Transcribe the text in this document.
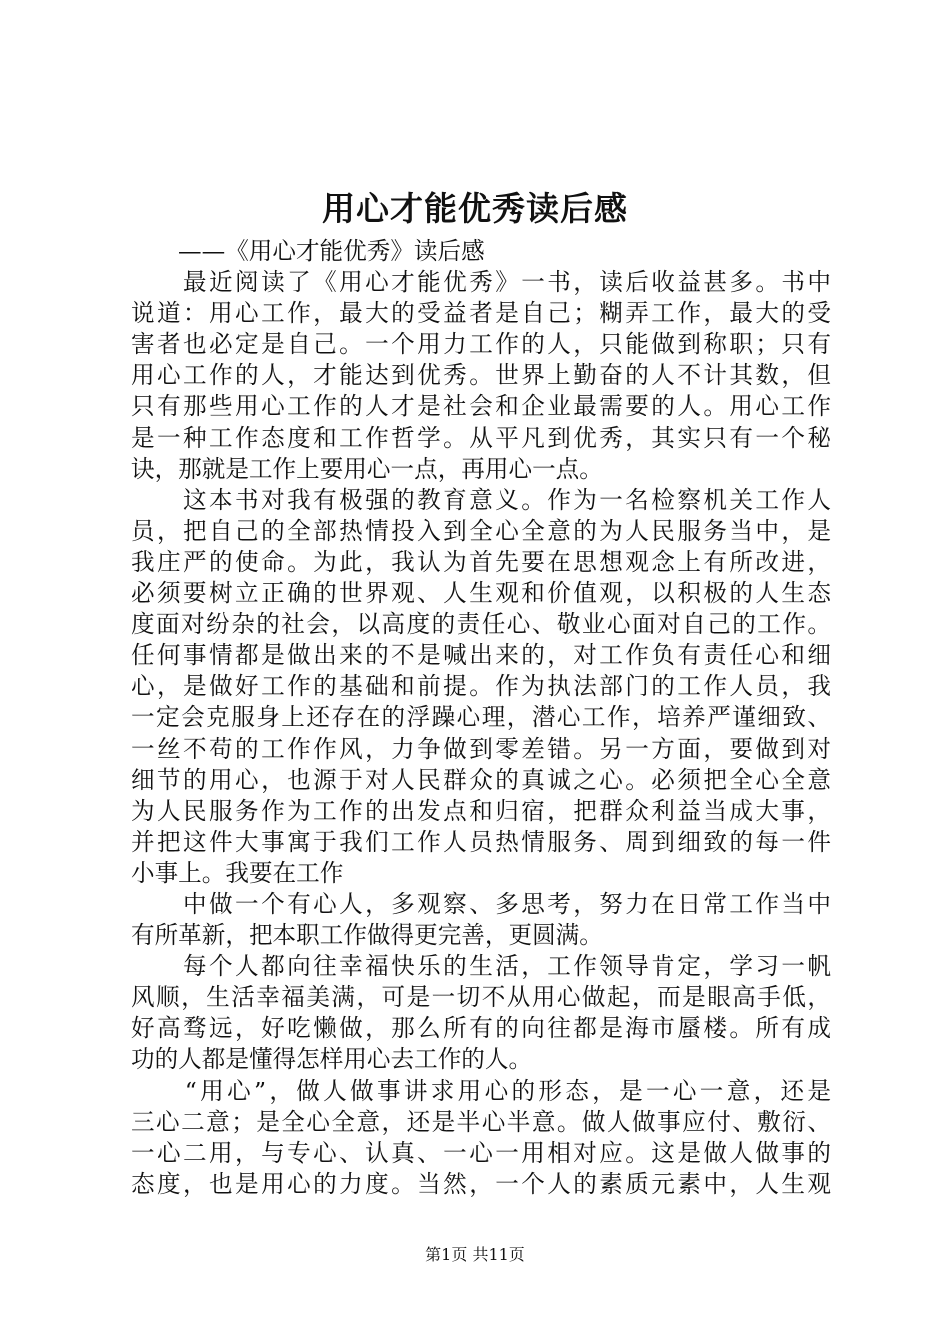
用心才能优秀读后感
——《用心才能优秀》读后感
　　最近阅读了《用心才能优秀》一书，读后收益甚多。书中
说道：用心工作，最大的受益者是自己；糊弄工作，最大的受
害者也必定是自己。一个用力工作的人，只能做到称职；只有
用心工作的人，才能达到优秀。世界上勤奋的人不计其数，但
只有那些用心工作的人才是社会和企业最需要的人。用心工作
是一种工作态度和工作哲学。从平凡到优秀，其实只有一个秘
诀，那就是工作上要用心一点，再用心一点。
　　这本书对我有极强的教育意义。作为一名检察机关工作人
员，把自己的全部热情投入到全心全意的为人民服务当中，是
我庄严的使命。为此，我认为首先要在思想观念上有所改进，
必须要树立正确的世界观、人生观和价值观，以积极的人生态
度面对纷杂的社会，以高度的责任心、敬业心面对自己的工作。
任何事情都是做出来的不是喊出来的，对工作负有责任心和细
心，是做好工作的基础和前提。作为执法部门的工作人员，我
一定会克服身上还存在的浮躁心理，潜心工作，培养严谨细致、
一丝不苟的工作作风，力争做到零差错。另一方面，要做到对
细节的用心，也源于对人民群众的真诚之心。必须把全心全意
为人民服务作为工作的出发点和归宿，把群众利益当成大事，
并把这件大事寓于我们工作人员热情服务、周到细致的每一件
小事上。我要在工作
　　中做一个有心人，多观察、多思考，努力在日常工作当中
有所革新，把本职工作做得更完善，更圆满。
　　每个人都向往幸福快乐的生活，工作领导肯定，学习一帆
风顺，生活幸福美满，可是一切不从用心做起，而是眼高手低，
好高骛远，好吃懒做，那么所有的向往都是海市蜃楼。所有成
功的人都是懂得怎样用心去工作的人。
　　“用心”，做人做事讲求用心的形态，是一心一意，还是
三心二意；是全心全意，还是半心半意。做人做事应付、敷衍、
一心二用，与专心、认真、一心一用相对应。这是做人做事的
态度，也是用心的力度。当然，一个人的素质元素中，人生观
第1页 共11页
